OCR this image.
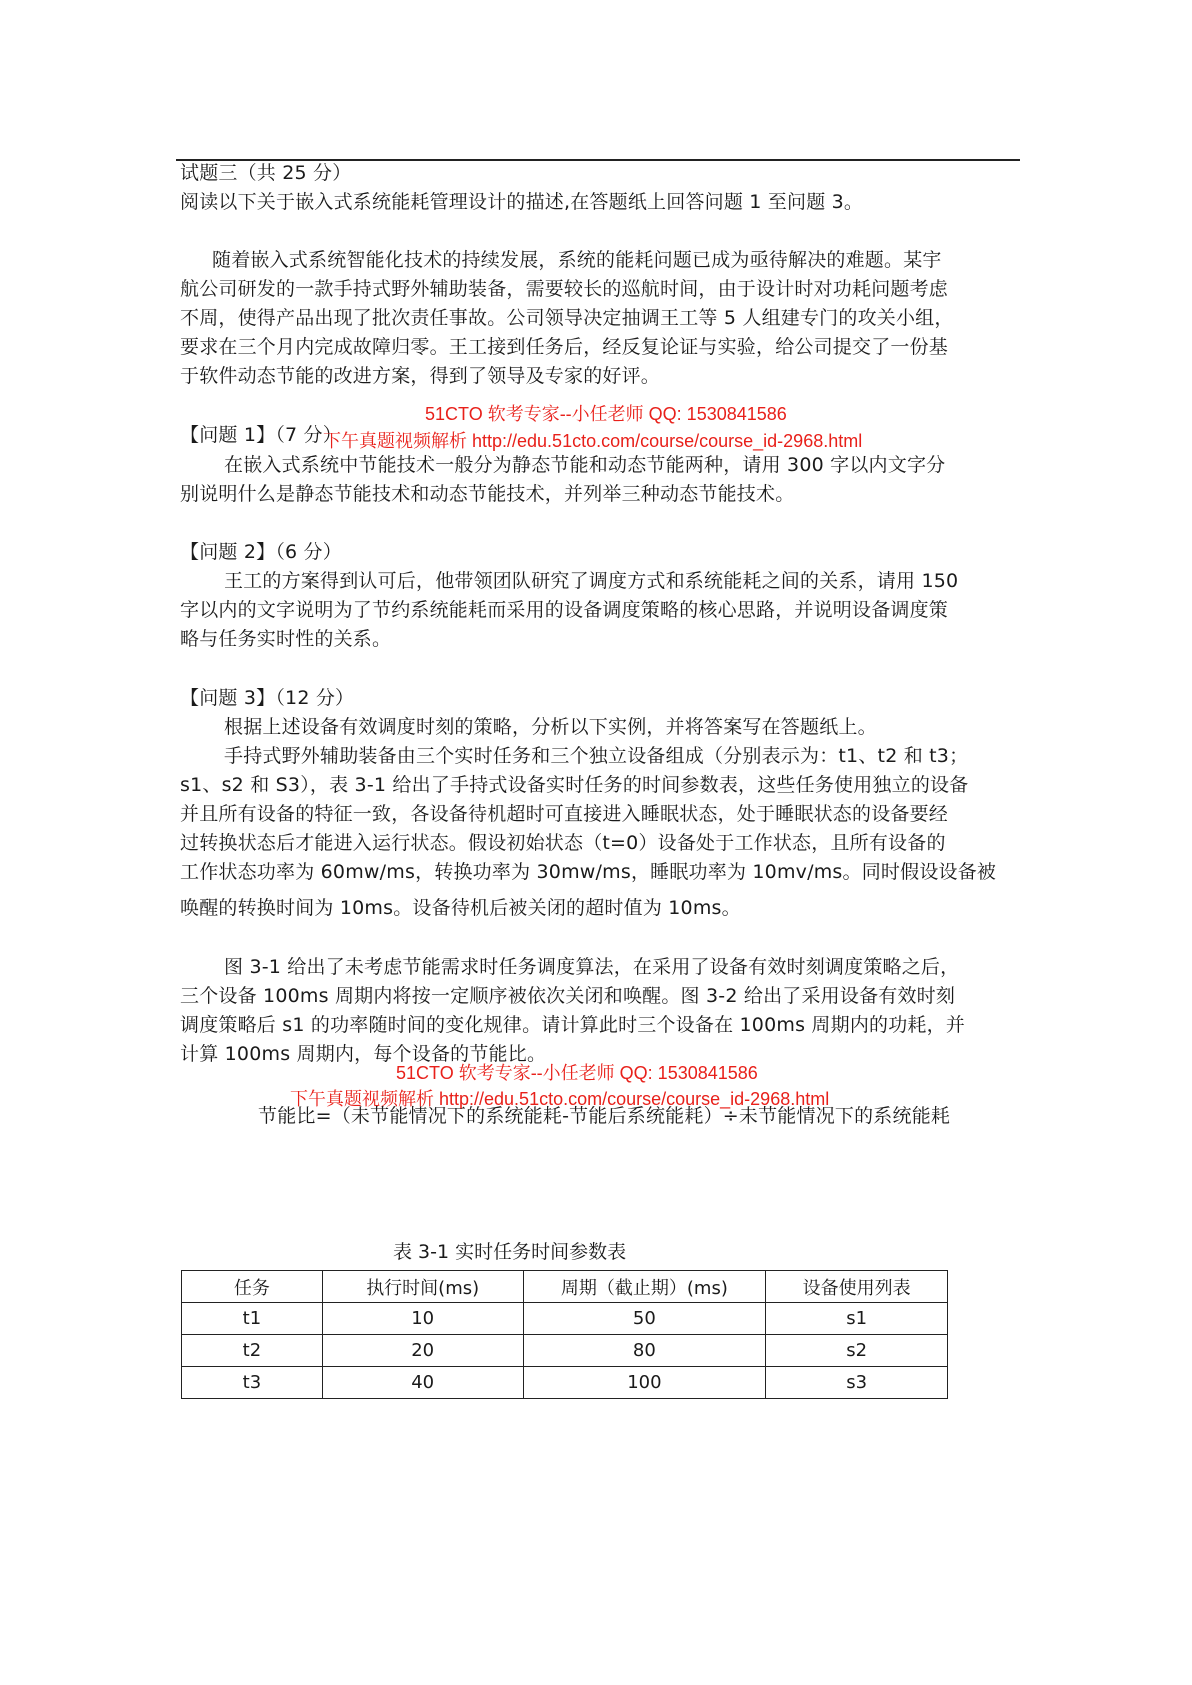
试题三（共 25 分）
阅读以下关于嵌入式系统能耗管理设计的描述,在答题纸上回答问题 1 至问题 3。
随着嵌入式系统智能化技术的持续发展，系统的能耗问题已成为亟待解决的难题。某宇
航公司研发的一款手持式野外辅助装备，需要较长的巡航时间，由于设计时对功耗问题考虑
不周，使得产品出现了批次责任事故。公司领导决定抽调王工等 5 人组建专门的攻关小组，
要求在三个月内完成故障归零。王工接到任务后，经反复论证与实验，给公司提交了一份基
于软件动态节能的改进方案，得到了领导及专家的好评。
51CTO 软考专家--小任老师 QQ: 1530841586
【问题 1】（7 分）
下午真题视频解析 http://edu.51cto.com/course/course_id-2968.html
在嵌入式系统中节能技术一般分为静态节能和动态节能两种，请用 300 字以内文字分
别说明什么是静态节能技术和动态节能技术，并列举三种动态节能技术。
【问题 2】（6 分）
王工的方案得到认可后，他带领团队研究了调度方式和系统能耗之间的关系，请用 150
字以内的文字说明为了节约系统能耗而采用的设备调度策略的核心思路，并说明设备调度策
略与任务实时性的关系。
【问题 3】（12 分）
根据上述设备有效调度时刻的策略，分析以下实例，并将答案写在答题纸上。
手持式野外辅助装备由三个实时任务和三个独立设备组成（分别表示为：t1、t2 和 t3；
s1、s2 和 S3），表 3-1 给出了手持式设备实时任务的时间参数表，这些任务使用独立的设备
并且所有设备的特征一致，各设备待机超时可直接进入睡眠状态，处于睡眠状态的设备要经
过转换状态后才能进入运行状态。假设初始状态（t=0）设备处于工作状态，且所有设备的
工作状态功率为 60mw/ms，转换功率为 30mw/ms，睡眠功率为 10mv/ms。同时假设设备被
唤醒的转换时间为 10ms。设备待机后被关闭的超时值为 10ms。
图 3-1 给出了未考虑节能需求时任务调度算法，在采用了设备有效时刻调度策略之后，
三个设备 100ms 周期内将按一定顺序被依次关闭和唤醒。图 3-2 给出了采用设备有效时刻
调度策略后 s1 的功率随时间的变化规律。请计算此时三个设备在 100ms 周期内的功耗，并
计算 100ms 周期内，每个设备的节能比。
51CTO 软考专家--小任老师 QQ: 1530841586
下午真题视频解析 http://edu.51cto.com/course/course_id-2968.html
节能比=（未节能情况下的系统能耗-节能后系统能耗）÷未节能情况下的系统能耗
表 3-1 实时任务时间参数表
任务	执行时间(ms)	周期（截止期）(ms)	设备使用列表
t1	10	50	s1
t2	20	80	s2
t3	40	100	s3
